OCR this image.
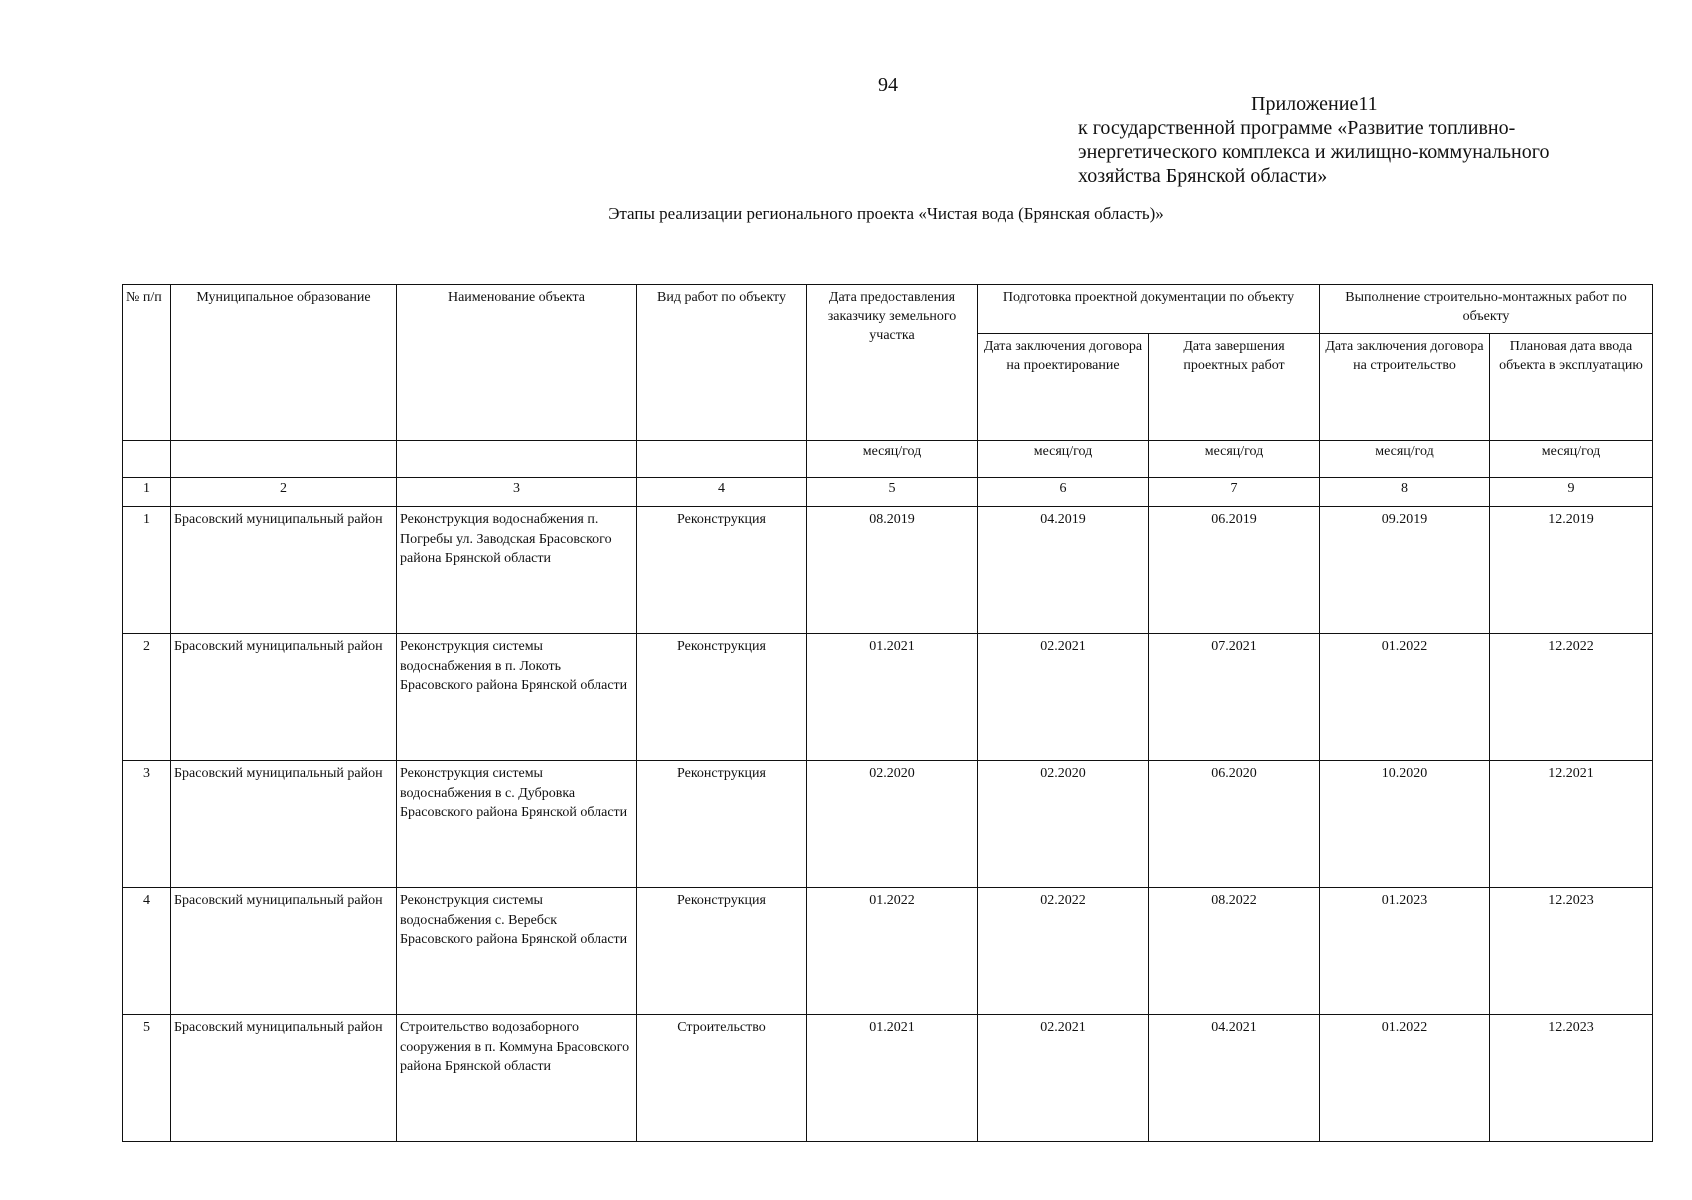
94
Приложение11
к государственной программе «Развитие топливно-
энергетического комплекса и жилищно-коммунального
хозяйства Брянской области»
Этапы реализации регионального проекта «Чистая вода (Брянская область)»
№ п/п	Муниципальное образование	Наименование объекта	Вид работ по объекту	Дата предоставления заказчику земельного участка	Подготовка проектной документации по объекту		Выполнение строительно-монтажных работ по объекту	
					Дата заключения договора на проектирование	Дата завершения проектных работ	Дата заключения договора на строительство	Плановая дата ввода объекта в эксплуатацию
				месяц/год	месяц/год	месяц/год	месяц/год	месяц/год
1	2	3	4	5	6	7	8	9
1	Брасовский муниципальный район	Реконструкция водоснабжения п. Погребы ул. Заводская Брасовского района Брянской области	Реконструкция	08.2019	04.2019	06.2019	09.2019	12.2019
2	Брасовский муниципальный район	Реконструкция системы водоснабжения в п. Локоть Брасовского района Брянской области	Реконструкция	01.2021	02.2021	07.2021	01.2022	12.2022
3	Брасовский муниципальный район	Реконструкция системы водоснабжения в с. Дубровка Брасовского района Брянской области	Реконструкция	02.2020	02.2020	06.2020	10.2020	12.2021
4	Брасовский муниципальный район	Реконструкция системы водоснабжения с. Веребск Брасовского района Брянской области	Реконструкция	01.2022	02.2022	08.2022	01.2023	12.2023
5	Брасовский муниципальный район	Строительство водозаборного сооружения в п. Коммуна Брасовского района Брянской области	Строительство	01.2021	02.2021	04.2021	01.2022	12.2023
